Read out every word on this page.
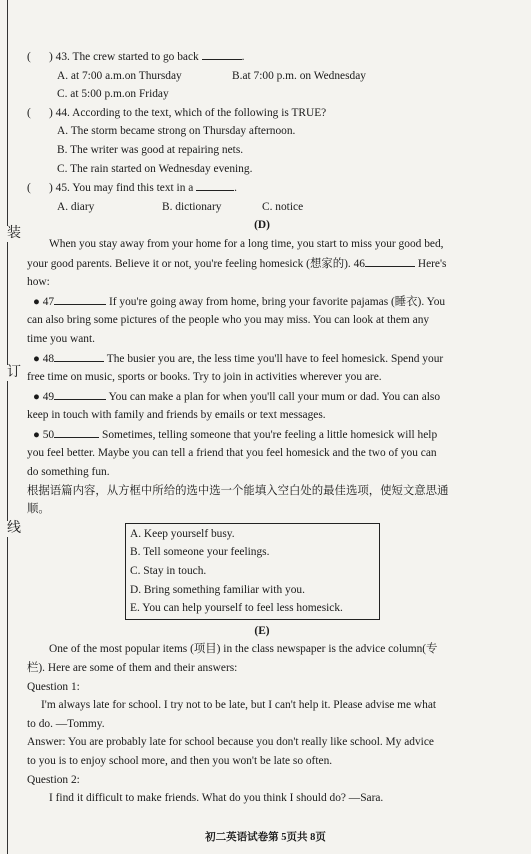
装
订
线
( ) 43. The crew started to go back	.
A. at 7:00 a.m.on Thursday	B.at 7:00 p.m. on Wednesday
C. at 5:00 p.m.on Friday
( ) 44. According to the text, which of the following is TRUE?
A. The storm became strong on Thursday afternoon.
B. The writer was good at repairing nets.
C. The rain started on Wednesday evening.
( ) 45. You may find this text in a	.
A. diary	B. dictionary	C. notice
(D)
When you stay away from your home for a long time, you start to miss your good bed,
your good parents. Believe it or not, you're feeling homesick (想家的). 46	Here's
how:
● 47	If you're going away from home, bring your favorite pajamas (睡衣). You
can also bring some pictures of the people who you may miss. You can look at them any
time you want.
● 48	The busier you are, the less time you'll have to feel homesick. Spend your
free time on music, sports or books. Try to join in activities wherever you are.
● 49	You can make a plan for when you'll call your mum or dad. You can also
keep in touch with family and friends by emails or text messages.
● 50	Sometimes, telling someone that you're feeling a little homesick will help
you feel better. Maybe you can tell a friend that you feel homesick and the two of you can
do something fun.
根据语篇内容，从方框中所给的选中选一个能填入空白处的最佳选项，使短文意思通
顺。
A. Keep yourself busy.
B. Tell someone your feelings.
C. Stay in touch.
D. Bring something familiar with you.
E. You can help yourself to feel less homesick.
(E)
One of the most popular items (项目) in the class newspaper is the advice column(专
栏). Here are some of them and their answers:
Question 1:
I'm always late for school. I try not to be late, but I can't help it. Please advise me what
to do. —Tommy.
Answer: You are probably late for school because you don't really like school. My advice
to you is to enjoy school more, and then you won't be late so often.
Question 2:
I find it difficult to make friends. What do you think I should do? —Sara.
初二英语试卷第 5页共 8页
